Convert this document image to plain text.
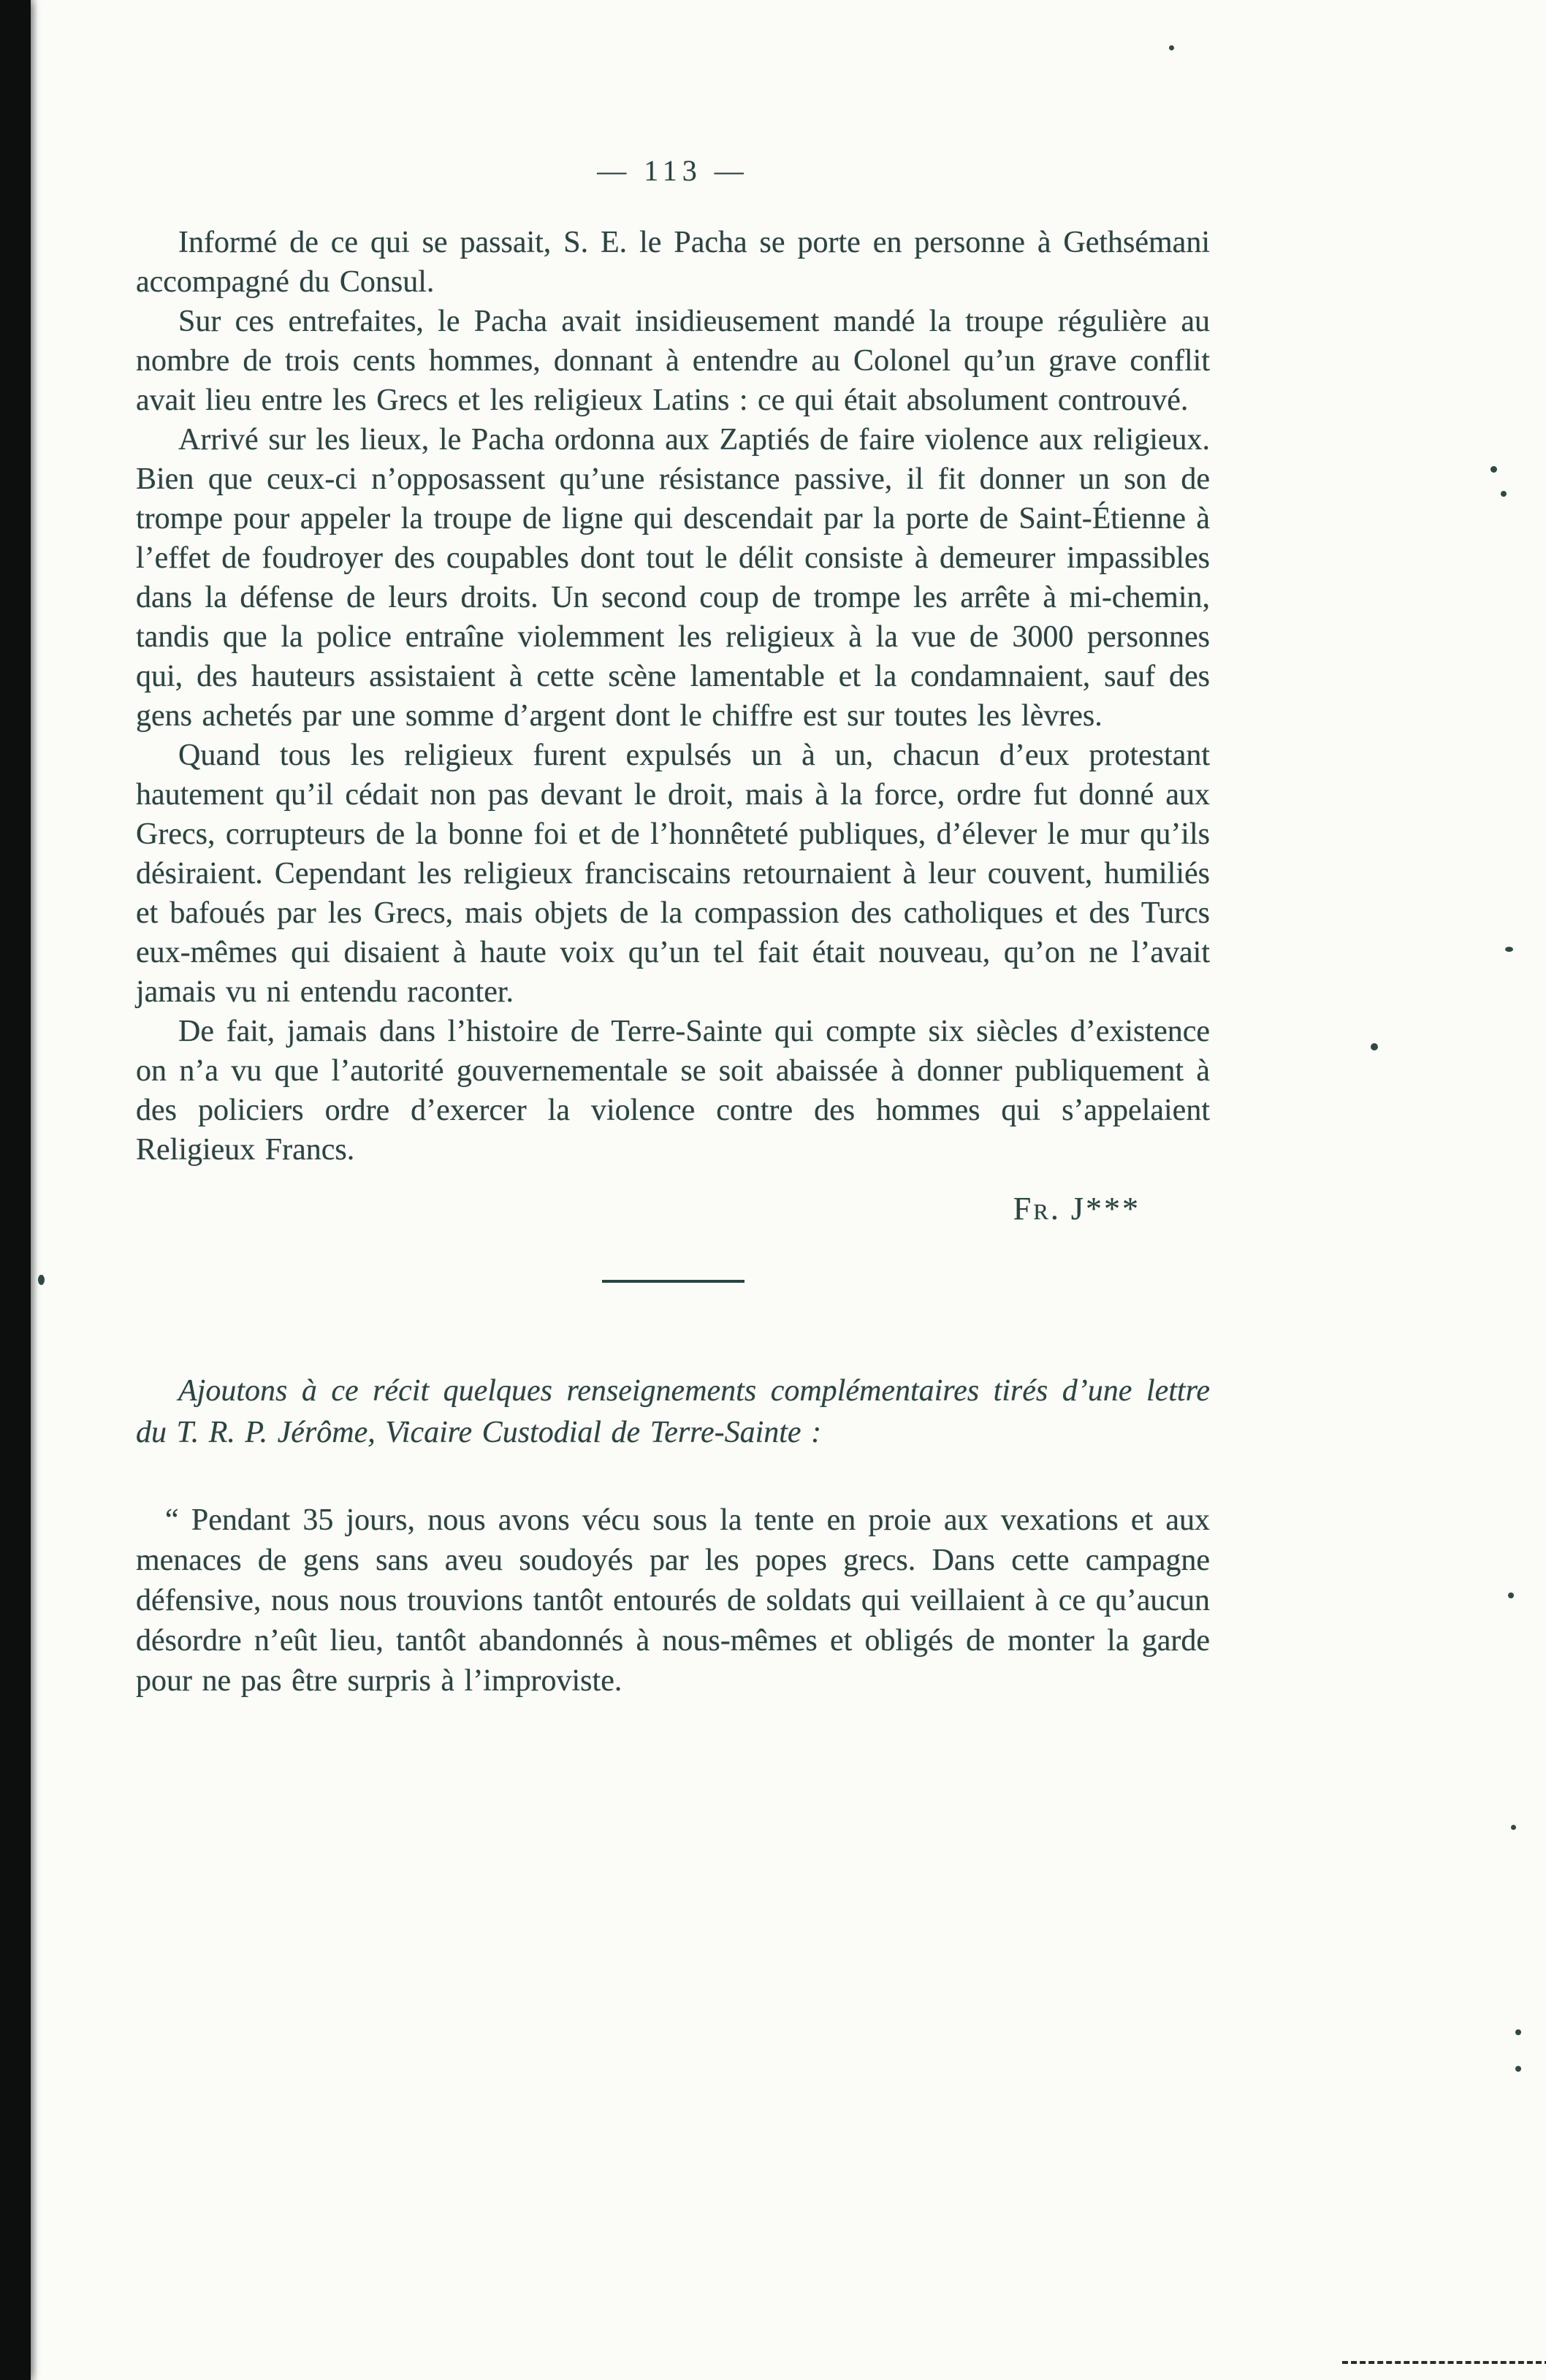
— 113 —

Informé de ce qui se passait, S. E. le Pacha se porte en personne à Gethsémani accompagné du Consul.

Sur ces entrefaites, le Pacha avait insidieusement mandé la troupe régulière au nombre de trois cents hommes, donnant à entendre au Colonel qu’un grave conflit avait lieu entre les Grecs et les religieux Latins : ce qui était absolument controuvé.

Arrivé sur les lieux, le Pacha ordonna aux Zaptiés de faire violence aux religieux. Bien que ceux-ci n’opposassent qu’une résistance passive, il fit donner un son de trompe pour appeler la troupe de ligne qui descendait par la porte de Saint-Étienne à l’effet de foudroyer des coupables dont tout le délit consiste à demeurer impassibles dans la défense de leurs droits. Un second coup de trompe les arrête à mi-chemin, tandis que la police entraîne violemment les religieux à la vue de 3000 personnes qui, des hauteurs assistaient à cette scène lamentable et la condamnaient, sauf des gens achetés par une somme d’argent dont le chiffre est sur toutes les lèvres.

Quand tous les religieux furent expulsés un à un, chacun d’eux protestant hautement qu’il cédait non pas devant le droit, mais à la force, ordre fut donné aux Grecs, corrupteurs de la bonne foi et de l’honnêteté publiques, d’élever le mur qu’ils désiraient. Cependant les religieux franciscains retournaient à leur couvent, humiliés et bafoués par les Grecs, mais objets de la compassion des catholiques et des Turcs eux-mêmes qui disaient à haute voix qu’un tel fait était nouveau, qu’on ne l’avait jamais vu ni entendu raconter.

De fait, jamais dans l’histoire de Terre-Sainte qui compte six siècles d’existence on n’a vu que l’autorité gouvernementale se soit abaissée à donner publiquement à des policiers ordre d’exercer la violence contre des hommes qui s’appelaient Religieux Francs.

Fr. J***

Ajoutons à ce récit quelques renseignements complémentaires tirés d’une lettre du T. R. P. Jérôme, Vicaire Custodial de Terre-Sainte :

“ Pendant 35 jours, nous avons vécu sous la tente en proie aux vexations et aux menaces de gens sans aveu soudoyés par les popes grecs. Dans cette campagne défensive, nous nous trouvions tantôt entourés de soldats qui veillaient à ce qu’aucun désordre n’eût lieu, tantôt abandonnés à nous-mêmes et obligés de monter la garde pour ne pas être surpris à l’improviste.
